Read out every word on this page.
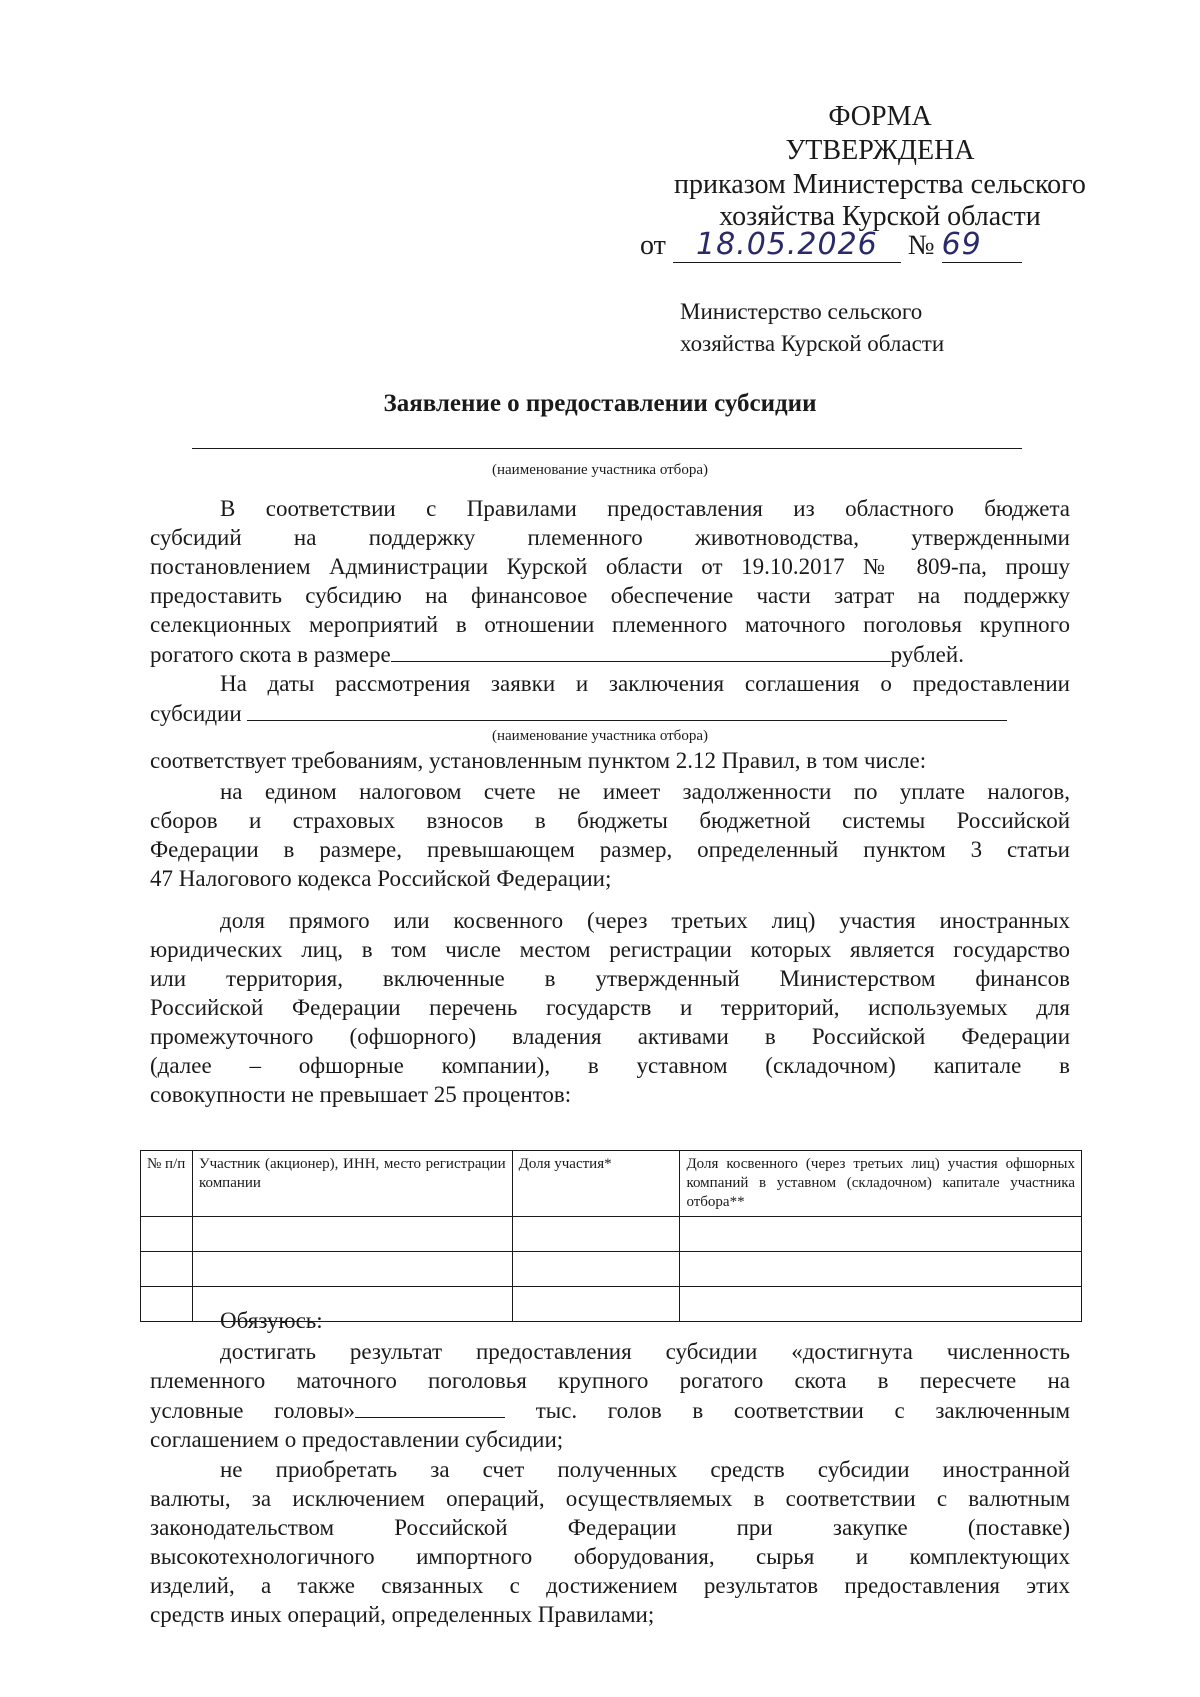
ФОРМА
УТВЕРЖДЕНА
приказом Министерства сельского
хозяйства Курской области
от 18.05.2026 № 69
Министерство сельского
хозяйства Курской области
Заявление о предоставлении субсидии
(наименование участника отбора)
В соответствии с Правилами предоставления из областного бюджета
субсидий на поддержку племенного животноводства, утвержденными
постановлением Администрации Курской области от 19.10.2017 № 809-па, прошу
предоставить субсидию на финансовое обеспечение части затрат на поддержку
селекционных мероприятий в отношении племенного маточного поголовья крупного
рогатого скота в размере	рублей.
На даты рассмотрения заявки и заключения соглашения о предоставлении
субсидии
(наименование участника отбора)
соответствует требованиям, установленным пунктом 2.12 Правил, в том числе:
на едином налоговом счете не имеет задолженности по уплате налогов,
сборов и страховых взносов в бюджеты бюджетной системы Российской
Федерации в размере, превышающем размер, определенный пунктом 3 статьи
47 Налогового кодекса Российской Федерации;
доля прямого или косвенного (через третьих лиц) участия иностранных
юридических лиц, в том числе местом регистрации которых является государство
или территория, включенные в утвержденный Министерством финансов
Российской Федерации перечень государств и территорий, используемых для
промежуточного (офшорного) владения активами в Российской Федерации
(далее – офшорные компании), в уставном (складочном) капитале в
совокупности не превышает 25 процентов:
№ п/п	Участник (акционер), ИНН, место регистрации компании	Доля участия*	Доля косвенного (через третьих лиц) участия офшорных компаний в уставном (складочном) капитале участника отбора**

Обязуюсь:
достигать результат предоставления субсидии «достигнута численность
племенного маточного поголовья крупного рогатого скота в пересчете на
условные головы»	тыс. голов в соответствии с заключенным
соглашением о предоставлении субсидии;
не приобретать за счет полученных средств субсидии иностранной
валюты, за исключением операций, осуществляемых в соответствии с валютным
законодательством Российской Федерации при закупке (поставке)
высокотехнологичного импортного оборудования, сырья и комплектующих
изделий, а также связанных с достижением результатов предоставления этих
средств иных операций, определенных Правилами;
